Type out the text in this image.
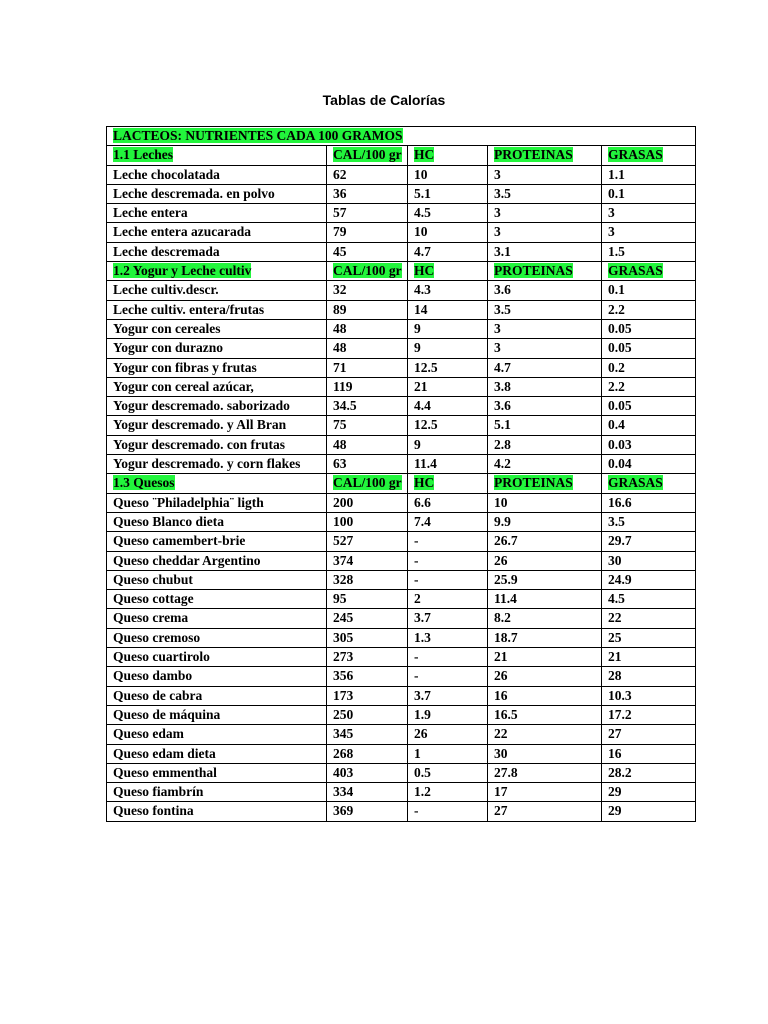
Tablas de Calorías
LACTEOS: NUTRIENTES CADA 100 GRAMOS				
1.1 Leches	CAL/100 gr	HC	PROTEINAS	GRASAS
Leche chocolatada	62	10	3	1.1
Leche descremada. en polvo	36	5.1	3.5	0.1
Leche entera	57	4.5	3	3
Leche entera azucarada	79	10	3	3
Leche descremada	45	4.7	3.1	1.5
1.2 Yogur y Leche cultiv	CAL/100 gr	HC	PROTEINAS	GRASAS
Leche cultiv.descr.	32	4.3	3.6	0.1
Leche cultiv. entera/frutas	89	14	3.5	2.2
Yogur con cereales	48	9	3	0.05
Yogur con durazno	48	9	3	0.05
Yogur con fibras y frutas	71	12.5	4.7	0.2
Yogur con cereal azúcar,	119	21	3.8	2.2
Yogur descremado. saborizado	34.5	4.4	3.6	0.05
Yogur descremado. y All Bran	75	12.5	5.1	0.4
Yogur descremado. con frutas	48	9	2.8	0.03
Yogur descremado. y corn flakes	63	11.4	4.2	0.04
1.3 Quesos	CAL/100 gr	HC	PROTEINAS	GRASAS
Queso ¨Philadelphia¨ ligth	200	6.6	10	16.6
Queso Blanco dieta	100	7.4	9.9	3.5
Queso camembert-brie	527	-	26.7	29.7
Queso cheddar Argentino	374	-	26	30
Queso chubut	328	-	25.9	24.9
Queso cottage	95	2	11.4	4.5
Queso crema	245	3.7	8.2	22
Queso cremoso	305	1.3	18.7	25
Queso cuartirolo	273	-	21	21
Queso dambo	356	-	26	28
Queso de cabra	173	3.7	16	10.3
Queso de máquina	250	1.9	16.5	17.2
Queso edam	345	26	22	27
Queso edam dieta	268	1	30	16
Queso emmenthal	403	0.5	27.8	28.2
Queso fiambrín	334	1.2	17	29
Queso fontina	369	-	27	29
